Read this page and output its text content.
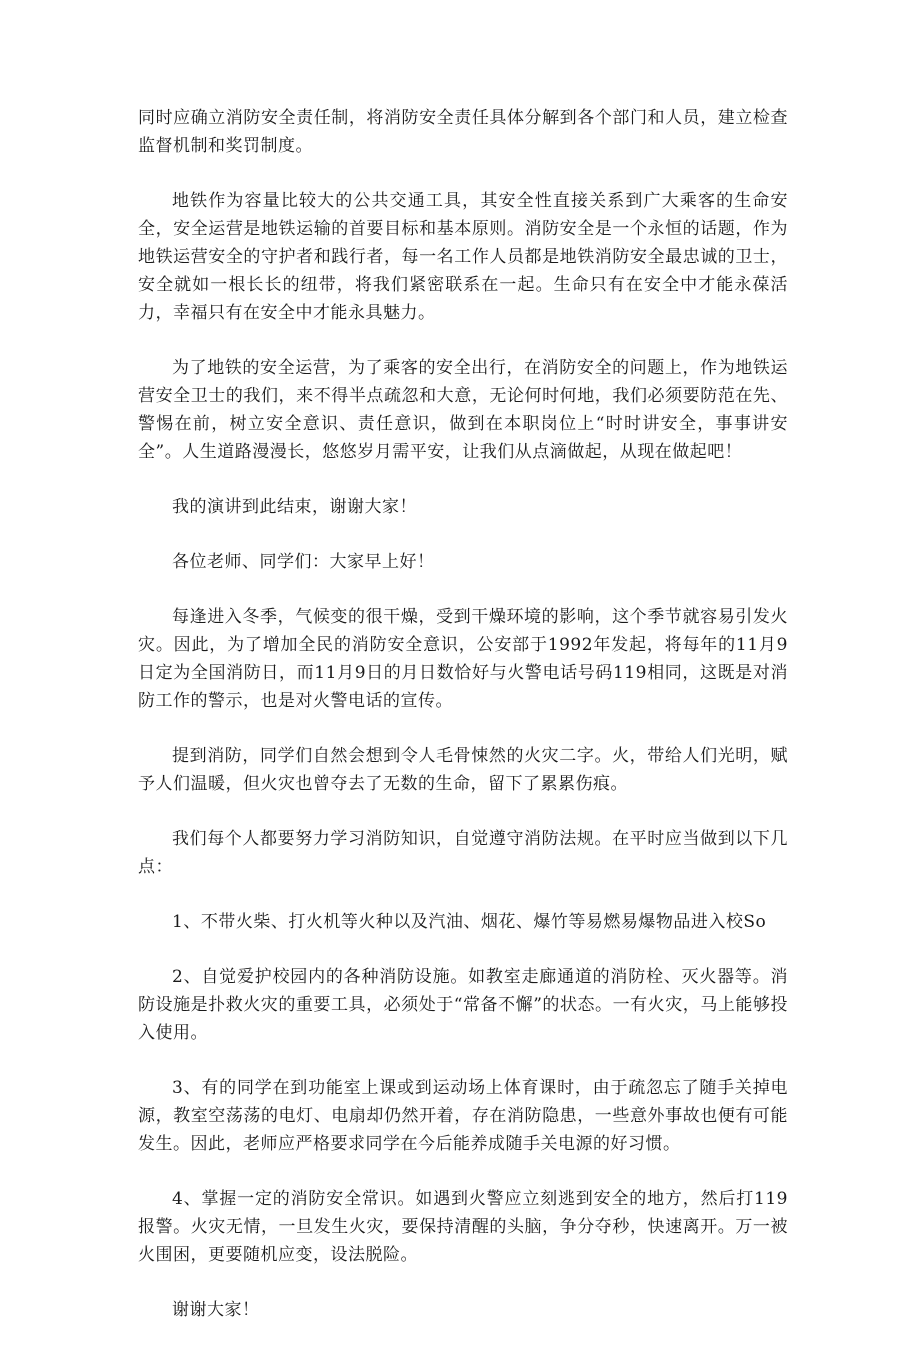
同时应确立消防安全责任制，将消防安全责任具体分解到各个部门和人员，建立检查监督机制和奖罚制度。

地铁作为容量比较大的公共交通工具，其安全性直接关系到广大乘客的生命安全，安全运营是地铁运输的首要目标和基本原则。消防安全是一个永恒的话题，作为地铁运营安全的守护者和践行者，每一名工作人员都是地铁消防安全最忠诚的卫士，安全就如一根长长的纽带，将我们紧密联系在一起。生命只有在安全中才能永葆活力，幸福只有在安全中才能永具魅力。

为了地铁的安全运营，为了乘客的安全出行，在消防安全的问题上，作为地铁运营安全卫士的我们，来不得半点疏忽和大意，无论何时何地，我们必须要防范在先、警惕在前，树立安全意识、责任意识，做到在本职岗位上“时时讲安全，事事讲安全”。人生道路漫漫长，悠悠岁月需平安，让我们从点滴做起，从现在做起吧！

我的演讲到此结束，谢谢大家！

各位老师、同学们：大家早上好！

每逢进入冬季，气候变的很干燥，受到干燥环境的影响，这个季节就容易引发火灾。因此，为了增加全民的消防安全意识，公安部于1992年发起，将每年的11月9日定为全国消防日，而11月9日的月日数恰好与火警电话号码119相同，这既是对消防工作的警示，也是对火警电话的宣传。

提到消防，同学们自然会想到令人毛骨悚然的火灾二字。火，带给人们光明，赋予人们温暖，但火灾也曾夺去了无数的生命，留下了累累伤痕。

我们每个人都要努力学习消防知识，自觉遵守消防法规。在平时应当做到以下几点：

1、不带火柴、打火机等火种以及汽油、烟花、爆竹等易燃易爆物品进入校So

2、自觉爱护校园内的各种消防设施。如教室走廊通道的消防栓、灭火器等。消防设施是扑救火灾的重要工具，必须处于“常备不懈”的状态。一有火灾，马上能够投入使用。

3、有的同学在到功能室上课或到运动场上体育课时，由于疏忽忘了随手关掉电源，教室空荡荡的电灯、电扇却仍然开着，存在消防隐患，一些意外事故也便有可能发生。因此，老师应严格要求同学在今后能养成随手关电源的好习惯。

4、掌握一定的消防安全常识。如遇到火警应立刻逃到安全的地方，然后打119报警。火灾无情，一旦发生火灾，要保持清醒的头脑，争分夺秒，快速离开。万一被火围困，更要随机应变，设法脱险。

谢谢大家！
